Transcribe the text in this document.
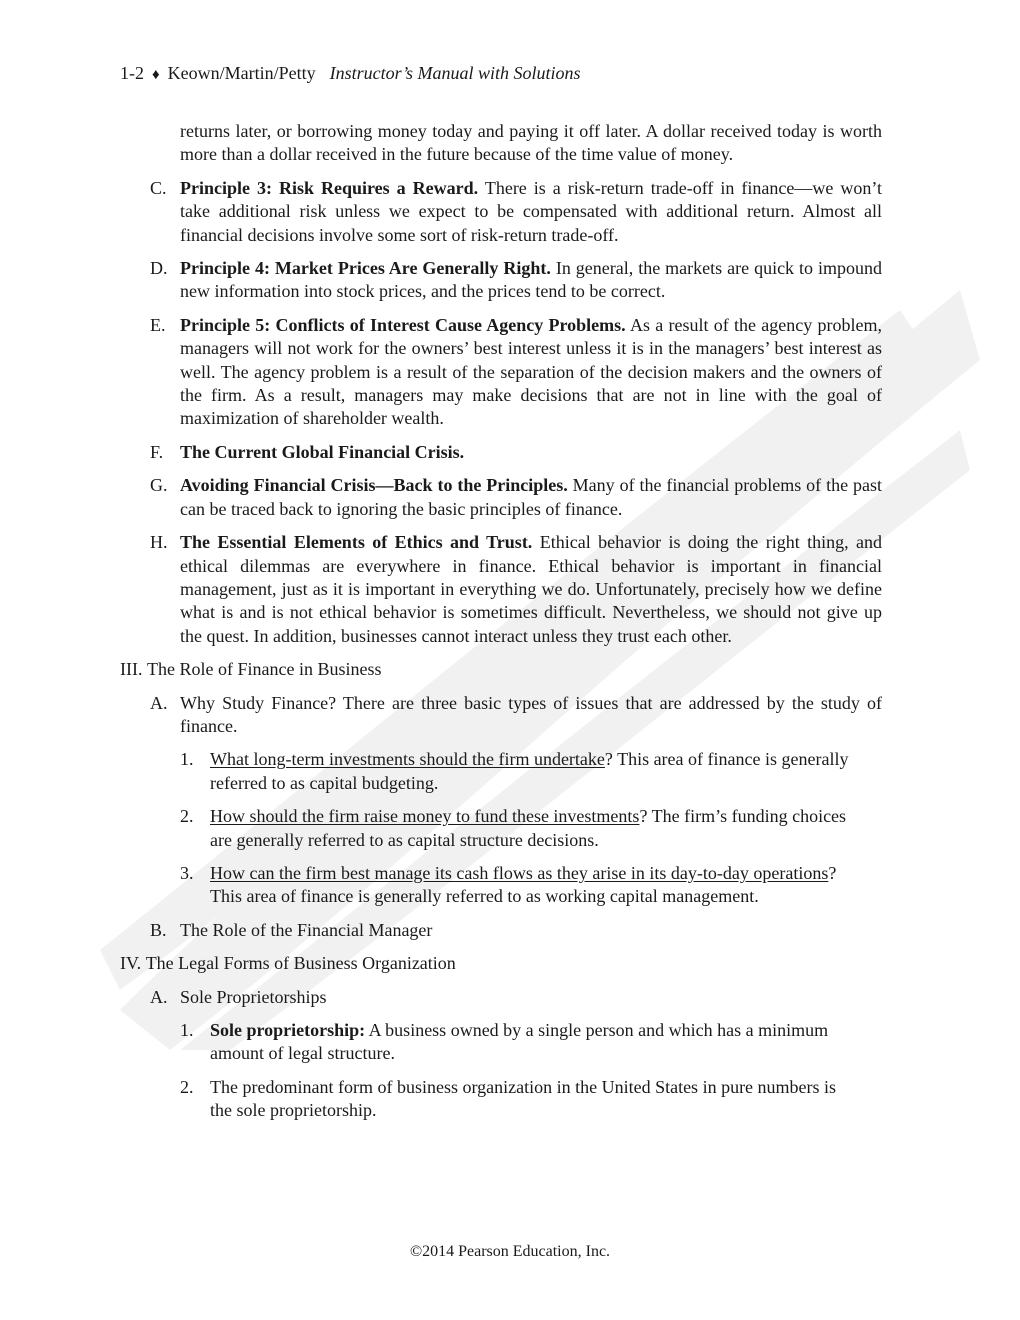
1-2 ♦ Keown/Martin/Petty Instructor’s Manual with Solutions
returns later, or borrowing money today and paying it off later. A dollar received today is worth more than a dollar received in the future because of the time value of money.
C. Principle 3: Risk Requires a Reward. There is a risk-return trade-off in finance—we won’t take additional risk unless we expect to be compensated with additional return. Almost all financial decisions involve some sort of risk-return trade-off.
D. Principle 4: Market Prices Are Generally Right. In general, the markets are quick to impound new information into stock prices, and the prices tend to be correct.
E. Principle 5: Conflicts of Interest Cause Agency Problems. As a result of the agency problem, managers will not work for the owners’ best interest unless it is in the managers’ best interest as well. The agency problem is a result of the separation of the decision makers and the owners of the firm. As a result, managers may make decisions that are not in line with the goal of maximization of shareholder wealth.
F. The Current Global Financial Crisis.
G. Avoiding Financial Crisis—Back to the Principles. Many of the financial problems of the past can be traced back to ignoring the basic principles of finance.
H. The Essential Elements of Ethics and Trust. Ethical behavior is doing the right thing, and ethical dilemmas are everywhere in finance. Ethical behavior is important in financial management, just as it is important in everything we do. Unfortunately, precisely how we define what is and is not ethical behavior is sometimes difficult. Nevertheless, we should not give up the quest. In addition, businesses cannot interact unless they trust each other.
III.
The Role of Finance in Business
A. Why Study Finance? There are three basic types of issues that are addressed by the study of finance.
1. What long-term investments should the firm undertake? This area of finance is generally referred to as capital budgeting.
2. How should the firm raise money to fund these investments? The firm’s funding choices are generally referred to as capital structure decisions.
3. How can the firm best manage its cash flows as they arise in its day-to-day operations? This area of finance is generally referred to as working capital management.
B. The Role of the Financial Manager
IV.
The Legal Forms of Business Organization
A. Sole Proprietorships
1. Sole proprietorship: A business owned by a single person and which has a minimum amount of legal structure.
2. The predominant form of business organization in the United States in pure numbers is the sole proprietorship.
©2014 Pearson Education, Inc.
